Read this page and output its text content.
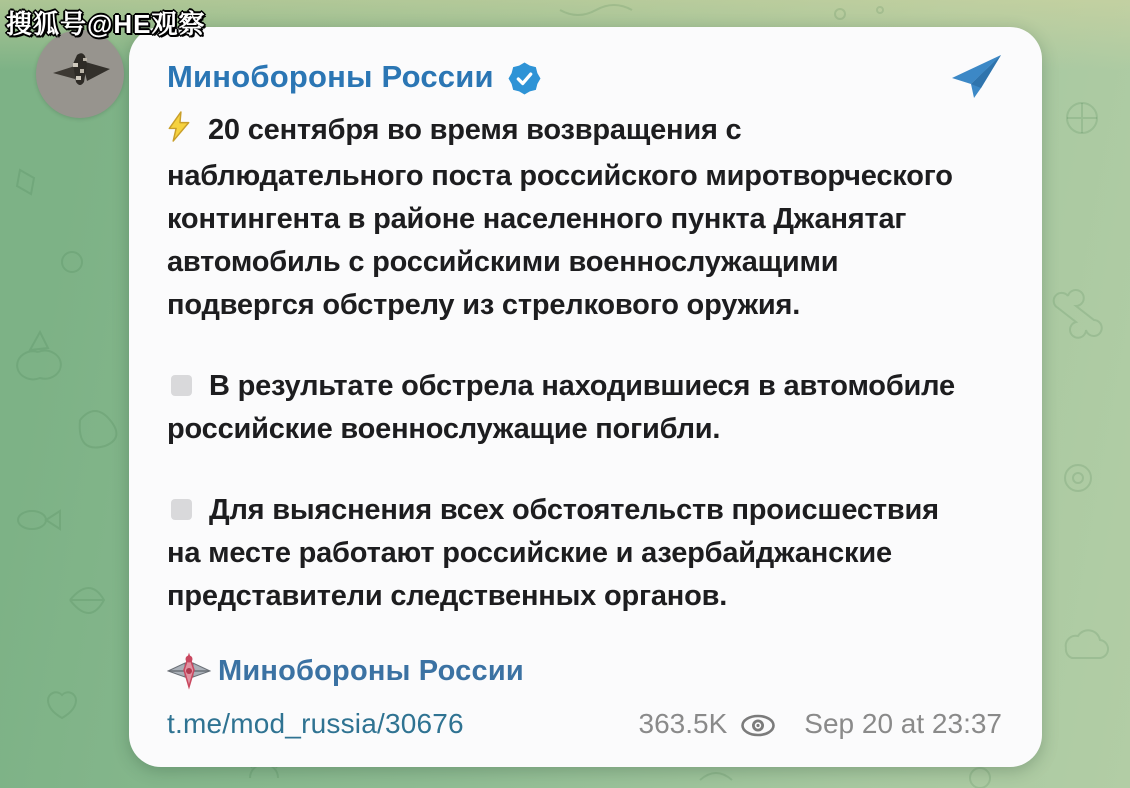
搜狐号@HE观察
Минобороны России
20 сентября во время возвращения с
наблюдательного поста российского миротворческого
контингента в районе населенного пункта Джанятаг
автомобиль с российскими военнослужащими
подвергся обстрелу из стрелкового оружия.
В результате обстрела находившиеся в автомобиле
российские военнослужащие погибли.
Для выяснения всех обстоятельств происшествия
на месте работают российские и азербайджанские
представители следственных органов.
Минобороны России
t.me/mod_russia/30676	363.5K	Sep 20 at 23:37
